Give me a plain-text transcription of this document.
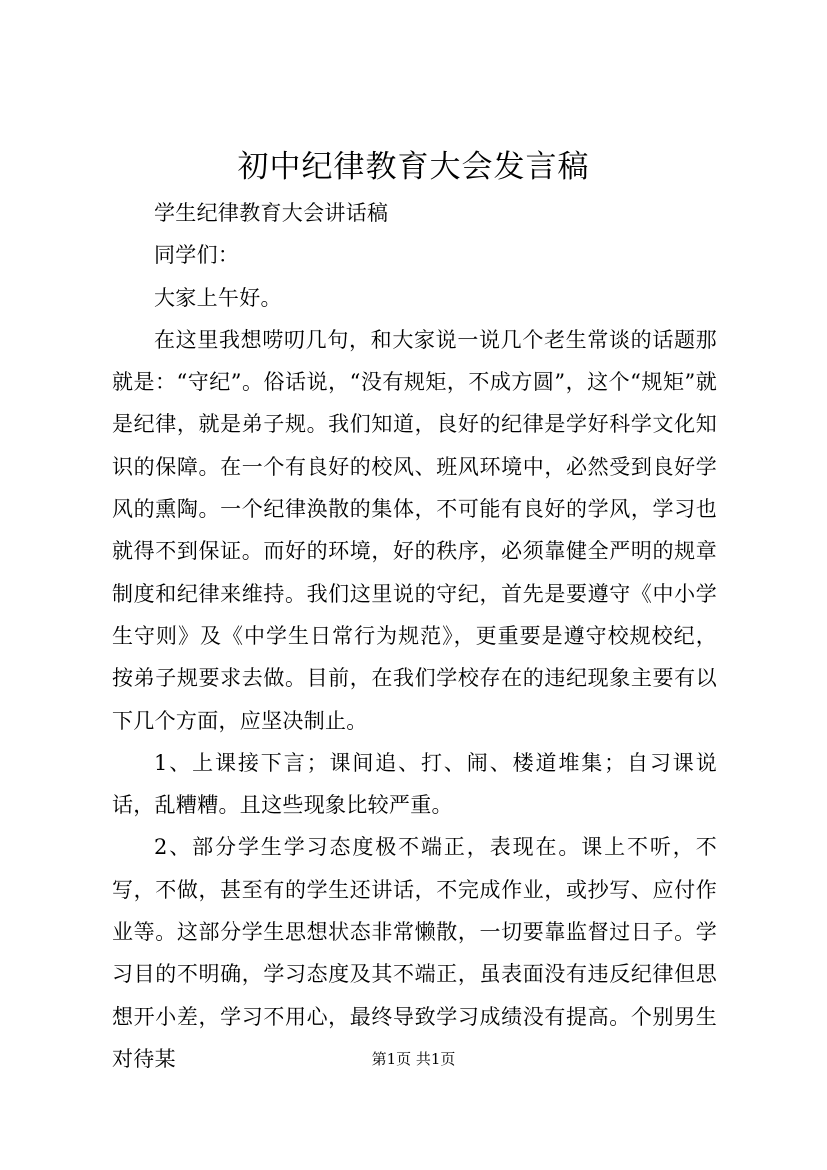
初中纪律教育大会发言稿

学生纪律教育大会讲话稿

同学们：

大家上午好。

在这里我想唠叨几句，和大家说一说几个老生常谈的话题那就是：“守纪”。俗话说，“没有规矩，不成方圆”，这个“规矩”就是纪律，就是弟子规。我们知道，良好的纪律是学好科学文化知识的保障。在一个有良好的校风、班风环境中，必然受到良好学风的熏陶。一个纪律涣散的集体，不可能有良好的学风，学习也就得不到保证。而好的环境，好的秩序，必须靠健全严明的规章制度和纪律来维持。我们这里说的守纪，首先是要遵守《中小学生守则》及《中学生日常行为规范》，更重要是遵守校规校纪，按弟子规要求去做。目前，在我们学校存在的违纪现象主要有以下几个方面，应坚决制止。

1、上课接下言；课间追、打、闹、楼道堆集；自习课说话，乱糟糟。且这些现象比较严重。

2、部分学生学习态度极不端正，表现在。课上不听，不写，不做，甚至有的学生还讲话，不完成作业，或抄写、应付作业等。这部分学生思想状态非常懒散，一切要靠监督过日子。学习目的不明确，学习态度及其不端正，虽表面没有违反纪律但思想开小差，学习不用心，最终导致学习成绩没有提高。个别男生对待某	第1页 共1页
